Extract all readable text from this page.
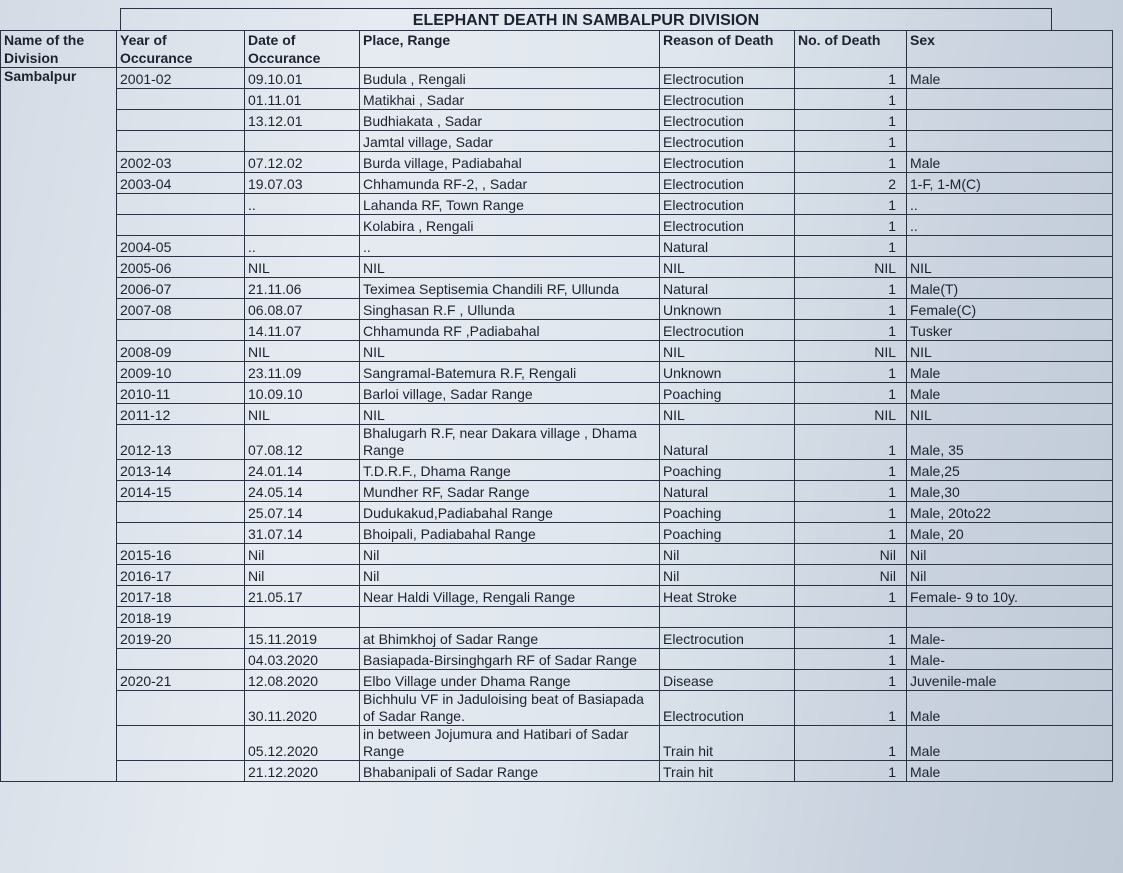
ELEPHANT DEATH IN SAMBALPUR DIVISION
Name of the Division	Year of Occurance	Date of Occurance	Place, Range	Reason of Death	No. of Death	Sex
Sambalpur	2001-02	09.10.01	Budula , Rengali	Electrocution	1	Male
		01.11.01	Matikhai , Sadar	Electrocution	1	
		13.12.01	Budhiakata , Sadar	Electrocution	1	
			Jamtal village, Sadar	Electrocution	1	
	2002-03	07.12.02	Burda village, Padiabahal	Electrocution	1	Male
	2003-04	19.07.03	Chhamunda RF-2, , Sadar	Electrocution	2	1-F, 1-M(C)
		..	Lahanda RF, Town Range	Electrocution	1	..
			Kolabira , Rengali	Electrocution	1	..
	2004-05	..	..	Natural	1	
	2005-06	NIL	NIL	NIL	NIL	NIL
	2006-07	21.11.06	Teximea Septisemia Chandili RF, Ullunda	Natural	1	Male(T)
	2007-08	06.08.07	Singhasan R.F , Ullunda	Unknown	1	Female(C)
		14.11.07	Chhamunda RF ,Padiabahal	Electrocution	1	Tusker
	2008-09	NIL	NIL	NIL	NIL	NIL
	2009-10	23.11.09	Sangramal-Batemura R.F, Rengali	Unknown	1	Male
	2010-11	10.09.10	Barloi village, Sadar Range	Poaching	1	Male
	2011-12	NIL	NIL	NIL	NIL	NIL
	2012-13	07.08.12	Bhalugarh R.F, near Dakara village , Dhama Range	Natural	1	Male, 35
	2013-14	24.01.14	T.D.R.F., Dhama Range	Poaching	1	Male,25
	2014-15	24.05.14	Mundher RF, Sadar Range	Natural	1	Male,30
		25.07.14	Dudukakud,Padiabahal Range	Poaching	1	Male, 20to22
		31.07.14	Bhoipali, Padiabahal Range	Poaching	1	Male, 20
	2015-16	Nil	Nil	Nil	Nil	Nil
	2016-17	Nil	Nil	Nil	Nil	Nil
	2017-18	21.05.17	Near Haldi Village, Rengali Range	Heat Stroke	1	Female- 9 to 10y.
	2018-19					
	2019-20	15.11.2019	at Bhimkhoj of Sadar Range	Electrocution	1	Male-
		04.03.2020	Basiapada-Birsinghgarh RF of Sadar Range		1	Male-
	2020-21	12.08.2020	Elbo Village under Dhama Range	Disease	1	Juvenile-male
		30.11.2020	Bichhulu VF in Jaduloising beat of Basiapada of Sadar Range.	Electrocution	1	Male
		05.12.2020	in between Jojumura and Hatibari of Sadar Range	Train hit	1	Male
		21.12.2020	Bhabanipali of Sadar Range	Train hit	1	Male
